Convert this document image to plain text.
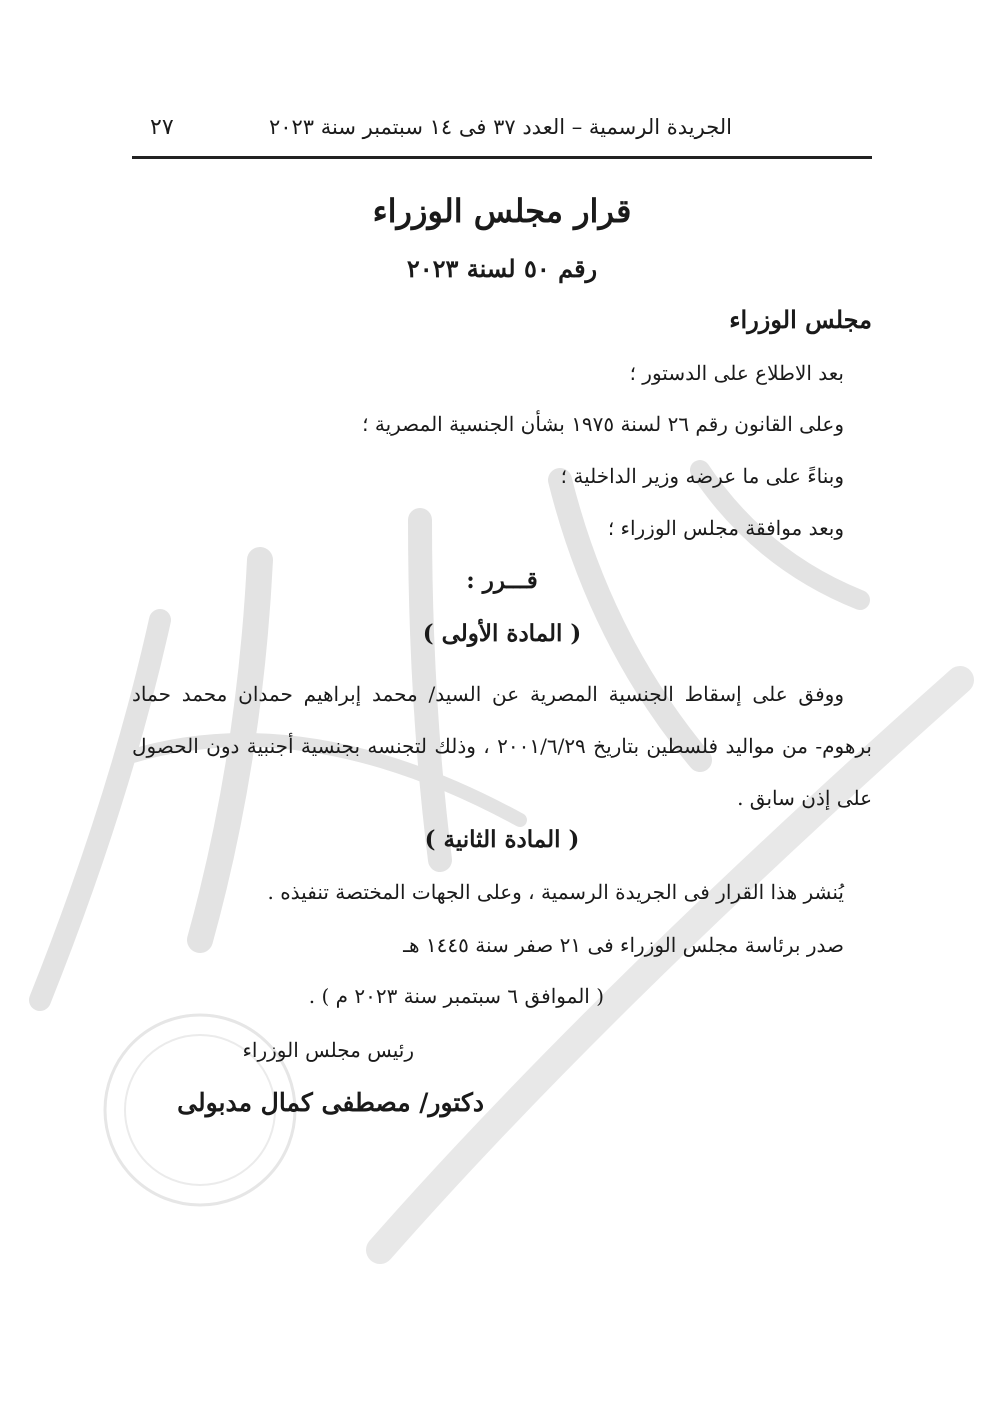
الجريدة الرسمية – العدد ٣٧ فى ١٤ سبتمبر سنة ٢٠٢٣
٢٧
قرار مجلس الوزراء
رقم ٥٠ لسنة ٢٠٢٣
مجلس الوزراء
بعد الاطلاع على الدستور ؛
وعلى القانون رقم ٢٦ لسنة ١٩٧٥ بشأن الجنسية المصرية ؛
وبناءً على ما عرضه وزير الداخلية ؛
وبعد موافقة مجلس الوزراء ؛
قـــرر :
( المادة الأولى )
ووفق على إسقاط الجنسية المصرية عن السيد/ محمد إبراهيم حمدان محمد حماد برهوم- من مواليد فلسطين بتاريخ ٢٠٠١/٦/٢٩ ، وذلك لتجنسه بجنسية أجنبية دون الحصول على إذن سابق .
( المادة الثانية )
يُنشر هذا القرار فى الجريدة الرسمية ، وعلى الجهات المختصة تنفيذه .
صدر برئاسة مجلس الوزراء فى ٢١ صفر سنة ١٤٤٥ هـ
( الموافق ٦ سبتمبر سنة ٢٠٢٣ م ) .
رئيس مجلس الوزراء
دكتور/ مصطفى كمال مدبولى
